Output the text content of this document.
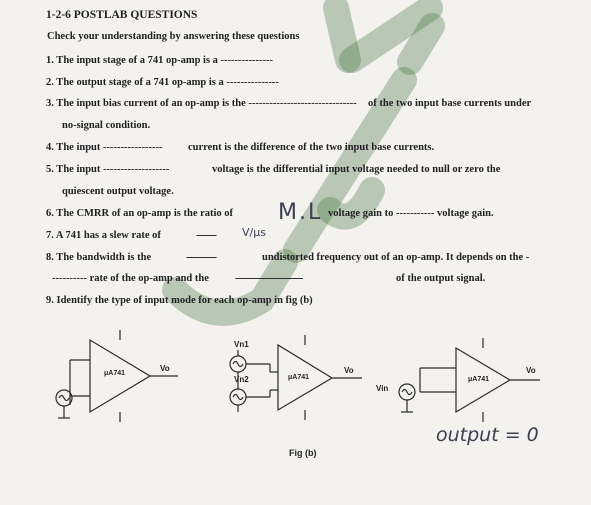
1-2-6 POSTLAB QUESTIONS
Check your understanding by answering these questions
1. The input stage of a 741 op-amp is a ---------------
2. The output stage of a 741 op-amp is a ---------------
3. The input bias current of an op-amp is the ------------------------------- of the two input base currents under
no-signal condition.
4. The input ----------------- current is the difference of the two input base currents.
5. The input -------------------	voltage is the differential input voltage needed to null or zero the
quiescent output voltage.
6. The CMRR of an op-amp is the ratio of M.L voltage gain to ----------- voltage gain.
7. A 741 has a slew rate of	-------- V/μs
8. The bandwidth is the	------------	undistorted frequency out of an op-amp. It depends on the -
---------- rate of the op-amp and the ---------------------------	of the output signal.
9. Identify the type of input mode for each op-amp in fig (b)
μA741
Vo
Vn1
Vn2	μA741
Vo
Vin
μA741
Vo
Fig (b)
output = 0
